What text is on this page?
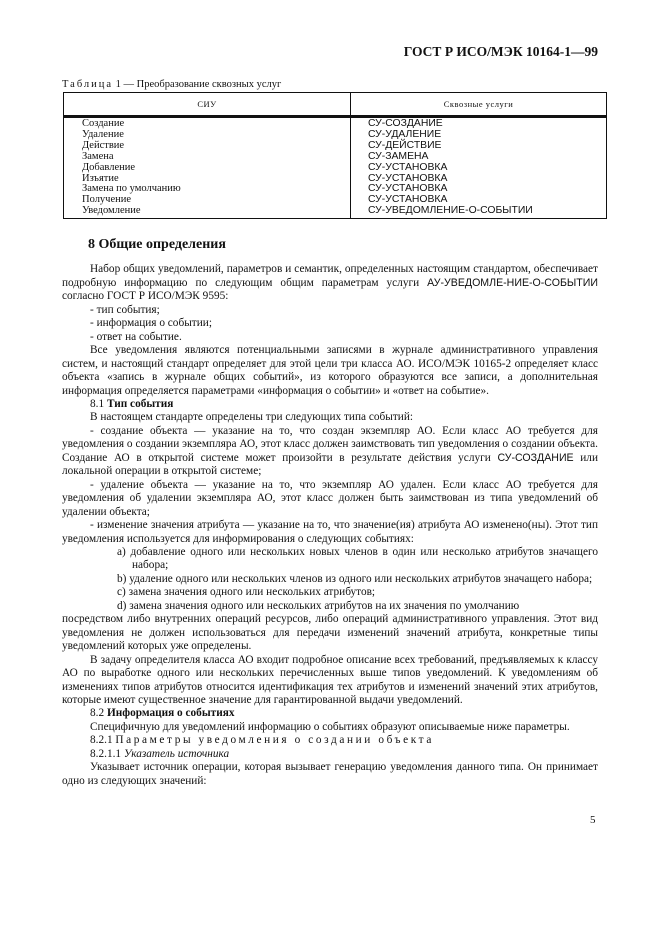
ГОСТ Р ИСО/МЭК 10164-1—99
Таблица 1 — Преобразование сквозных услуг
СИУ	Сквозные услуги
Создание	СУ-СОЗДАНИЕ
Удаление	СУ-УДАЛЕНИЕ
Действие	СУ-ДЕЙСТВИЕ
Замена	СУ-ЗАМЕНА
Добавление	СУ-УСТАНОВКА
Изъятие	СУ-УСТАНОВКА
Замена по умолчанию	СУ-УСТАНОВКА
Получение	СУ-УСТАНОВКА
Уведомление	СУ-УВЕДОМЛЕНИЕ-О-СОБЫТИИ

8 Общие определения

Набор общих уведомлений, параметров и семантик, определенных настоящим стандартом, обеспечивает подробную информацию по следующим общим параметрам услуги АУ-УВЕДОМЛЕ-НИЕ-О-СОБЫТИИ согласно ГОСТ Р ИСО/МЭК 9595:

- тип события;

- информация о событии;

- ответ на событие.

Все уведомления являются потенциальными записями в журнале административного управления систем, и настоящий стандарт определяет для этой цели три класса АО. ИСО/МЭК 10165-2 определяет класс объекта «запись в журнале общих событий», из которого образуются все записи, а дополнительная информация определяется параметрами «информация о событии» и «ответ на событие».

8.1 Тип события

В настоящем стандарте определены три следующих типа событий:

- создание объекта — указание на то, что создан экземпляр АО. Если класс АО требуется для уведомления о создании экземпляра АО, этот класс должен заимствовать тип уведомления о создании объекта. Создание АО в открытой системе может произойти в результате действия услуги СУ-СОЗДАНИЕ или локальной операции в открытой системе;

- удаление объекта — указание на то, что экземпляр АО удален. Если класс АО требуется для уведомления об удалении экземпляра АО, этот класс должен быть заимствован из типа уведомлений об удалении объекта;

- изменение значения атрибута — указание на то, что значение(ия) атрибута АО изменено(ны). Этот тип уведомления используется для информирования о следующих событиях:

a) добавление одного или нескольких новых членов в один или несколько атрибутов значащего набора;

b) удаление одного или нескольких членов из одного или нескольких атрибутов значащего набора;

c) замена значения одного или нескольких атрибутов;

d) замена значения одного или нескольких атрибутов на их значения по умолчанию

посредством либо внутренних операций ресурсов, либо операций административного управления. Этот вид уведомления не должен использоваться для передачи изменений значений атрибута, конкретные типы уведомлений которых уже определены.

В задачу определителя класса АО входит подробное описание всех требований, предъявляемых к классу АО по выработке одного или нескольких перечисленных выше типов уведомлений. К уведомлениям об изменениях типов атрибутов относится идентификация тех атрибутов и изменений значений этих атрибутов, которые имеют существенное значение для гарантированной выдачи уведомлений.

8.2 Информация о событиях

Специфичную для уведомлений информацию о событиях образуют описываемые ниже параметры.

8.2.1 Параметры уведомления о создании объекта

8.2.1.1 Указатель источника

Указывает источник операции, которая вызывает генерацию уведомления данного типа. Он принимает одно из следующих значений:

5
